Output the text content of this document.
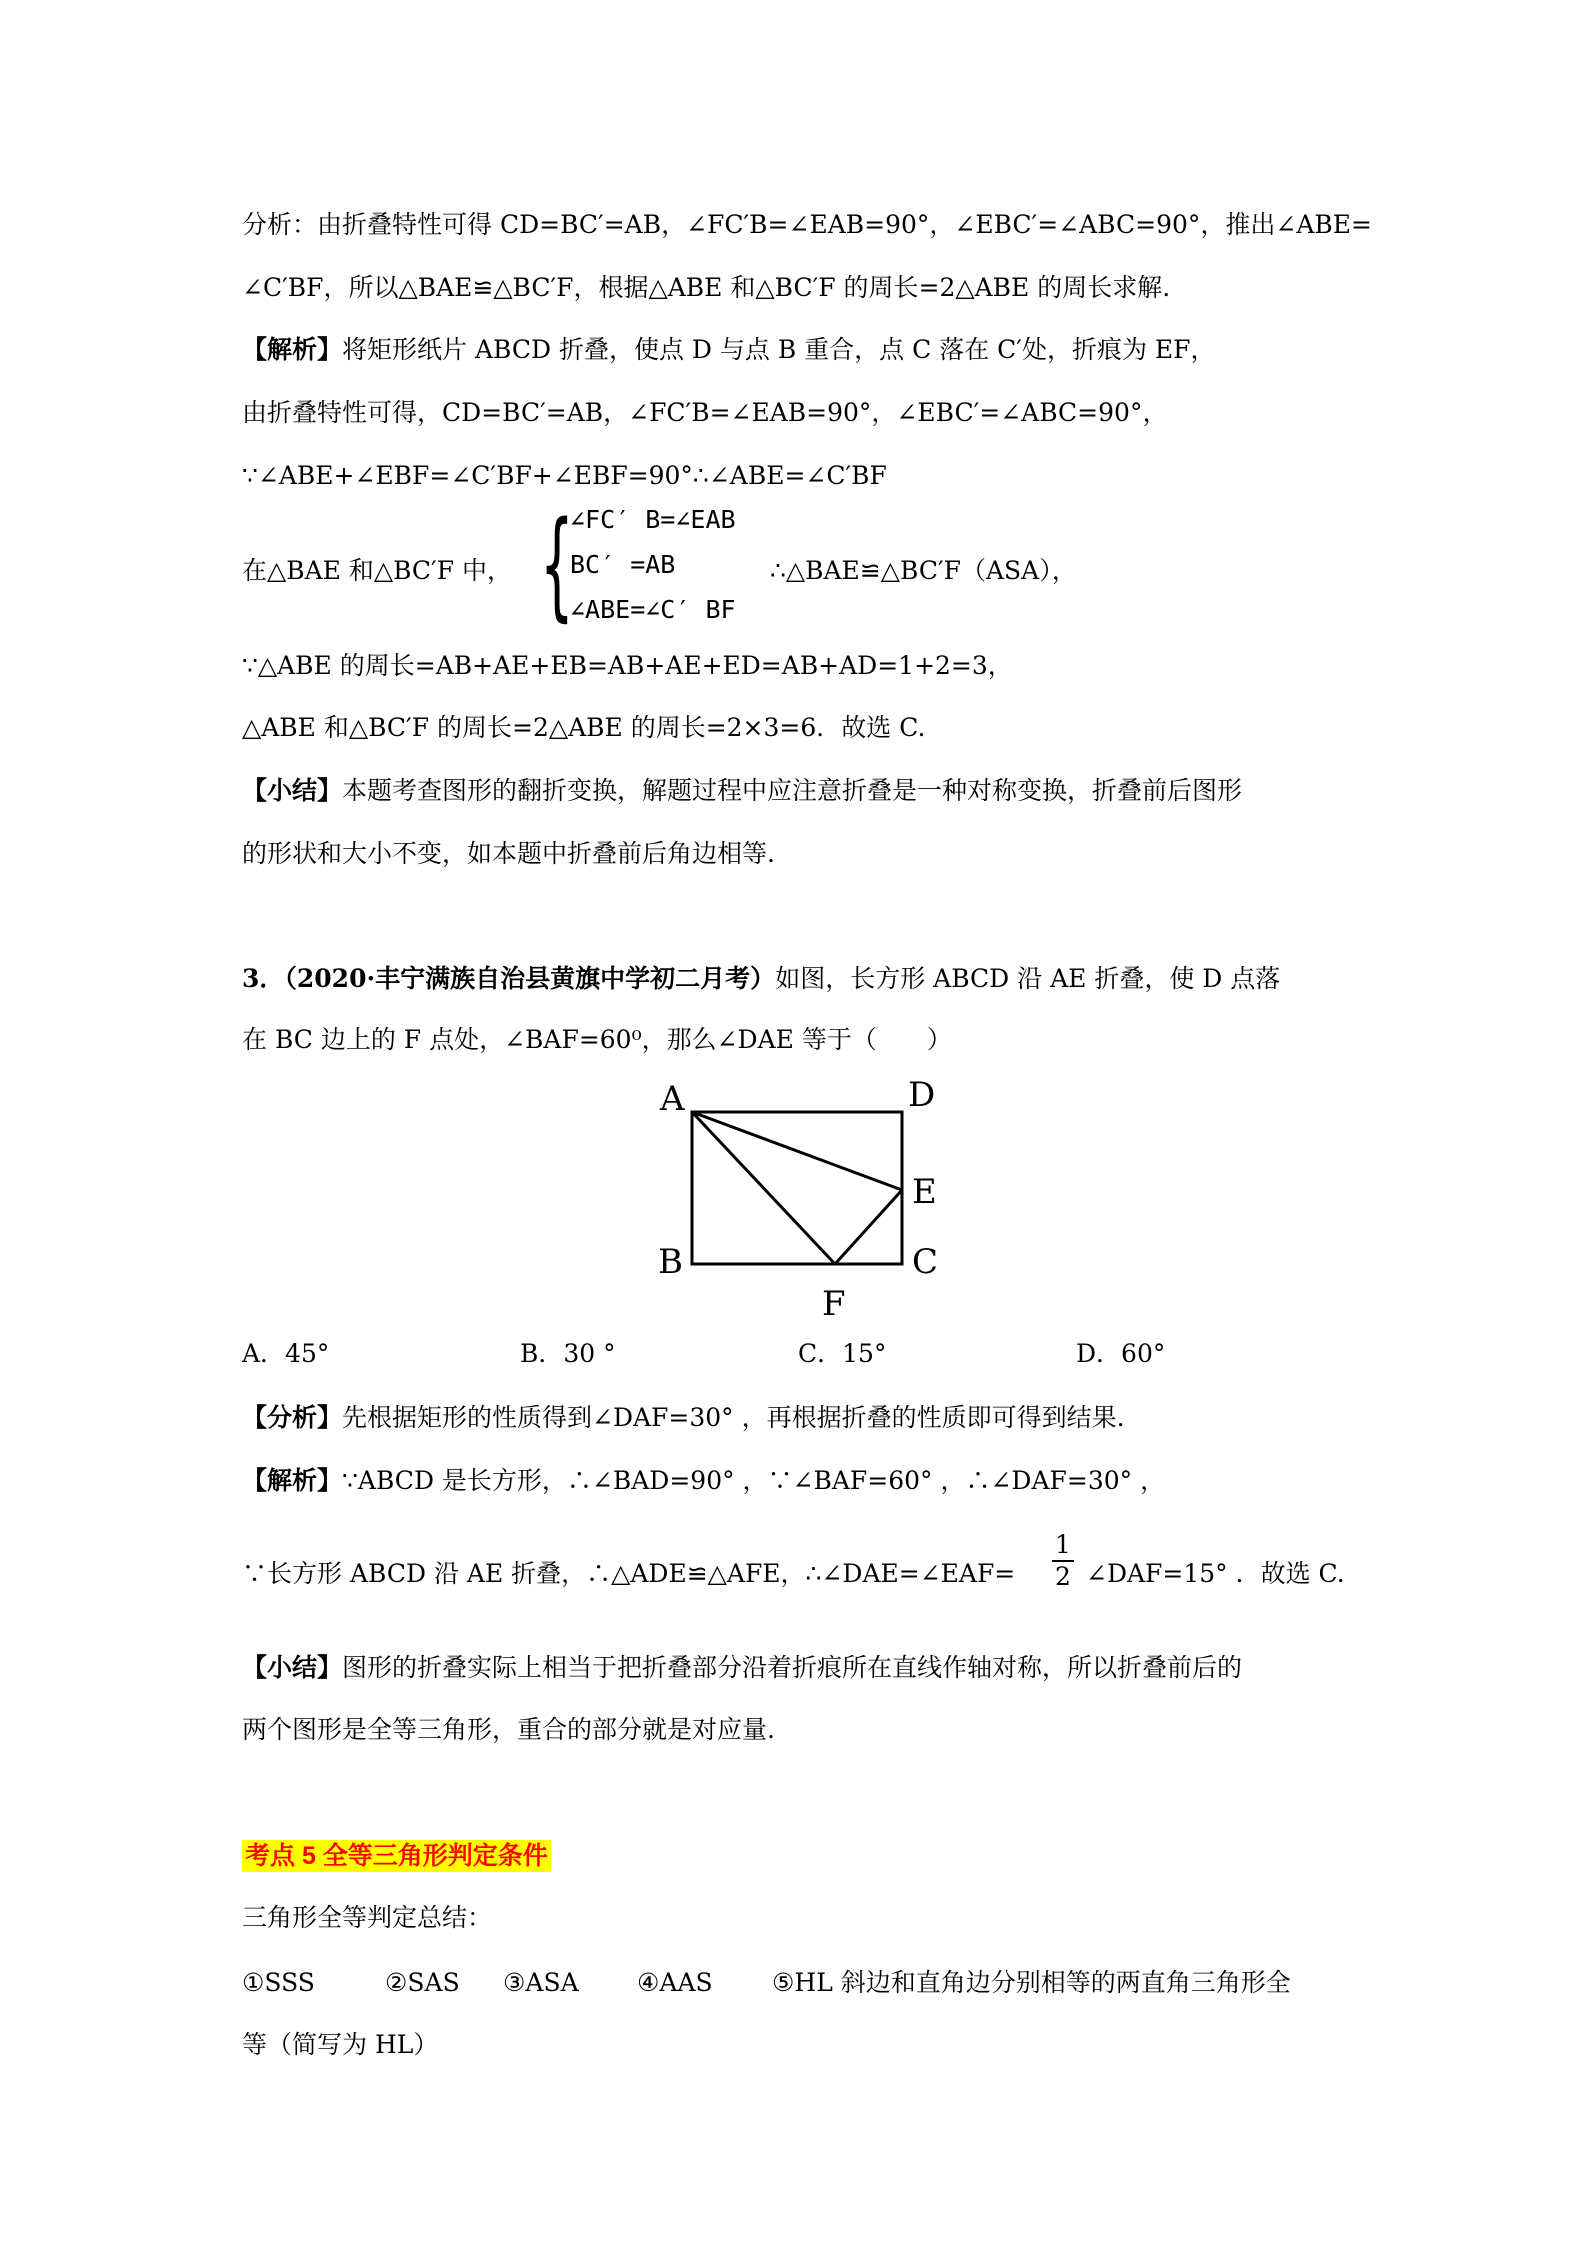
分析：由折叠特性可得 CD=BC′=AB，∠FC′B=∠EAB=90°，∠EBC′=∠ABC=90°，推出∠ABE=
∠C′BF，所以△BAE≌△BC′F，根据△ABE 和△BC′F 的周长=2△ABE 的周长求解.
【解析】将矩形纸片 ABCD 折叠，使点 D 与点 B 重合，点 C 落在 C′处，折痕为 EF，
由折叠特性可得，CD=BC′=AB，∠FC′B=∠EAB=90°，∠EBC′=∠ABC=90°，
∵∠ABE+∠EBF=∠C′BF+∠EBF=90°∴∠ABE=∠C′BF
在△BAE 和△BC′F 中， {
∠FC′ B=∠EAB
BC′ =AB
∠ABE=∠C′ BF
∴△BAE≌△BC′F（ASA），
∵△ABE 的周长=AB+AE+EB=AB+AE+ED=AB+AD=1+2=3，
△ABE 和△BC′F 的周长=2△ABE 的周长=2×3=6．故选 C.
【小结】本题考查图形的翻折变换，解题过程中应注意折叠是一种对称变换，折叠前后图形
的形状和大小不变，如本题中折叠前后角边相等.
3．（2020·丰宁满族自治县黄旗中学初二月考）如图，长方形 ABCD 沿 AE 折叠，使 D 点落
在 BC 边上的 F 点处，∠BAF=60⁰，那么∠DAE 等于（　　）
A	D
E
B	C
F
A．45°	B．30 °	C．15°	D．60°
【分析】先根据矩形的性质得到∠DAF=30° ，再根据折叠的性质即可得到结果.
【解析】∵ABCD 是长方形，∴∠BAD=90° ，∵∠BAF=60° ，∴∠DAF=30° ，
∵长方形 ABCD 沿 AE 折叠，∴△ADE≌△AFE，∴∠DAE=∠EAF=
1
2 ∠DAF=15° ．故选 C.
【小结】图形的折叠实际上相当于把折叠部分沿着折痕所在直线作轴对称，所以折叠前后的
两个图形是全等三角形，重合的部分就是对应量.
考点 5 全等三角形判定条件
三角形全等判定总结：
①SSS	②SAS	③ASA	④AAS	⑤HL 斜边和直角边分别相等的两直角三角形全
等（简写为 HL）
